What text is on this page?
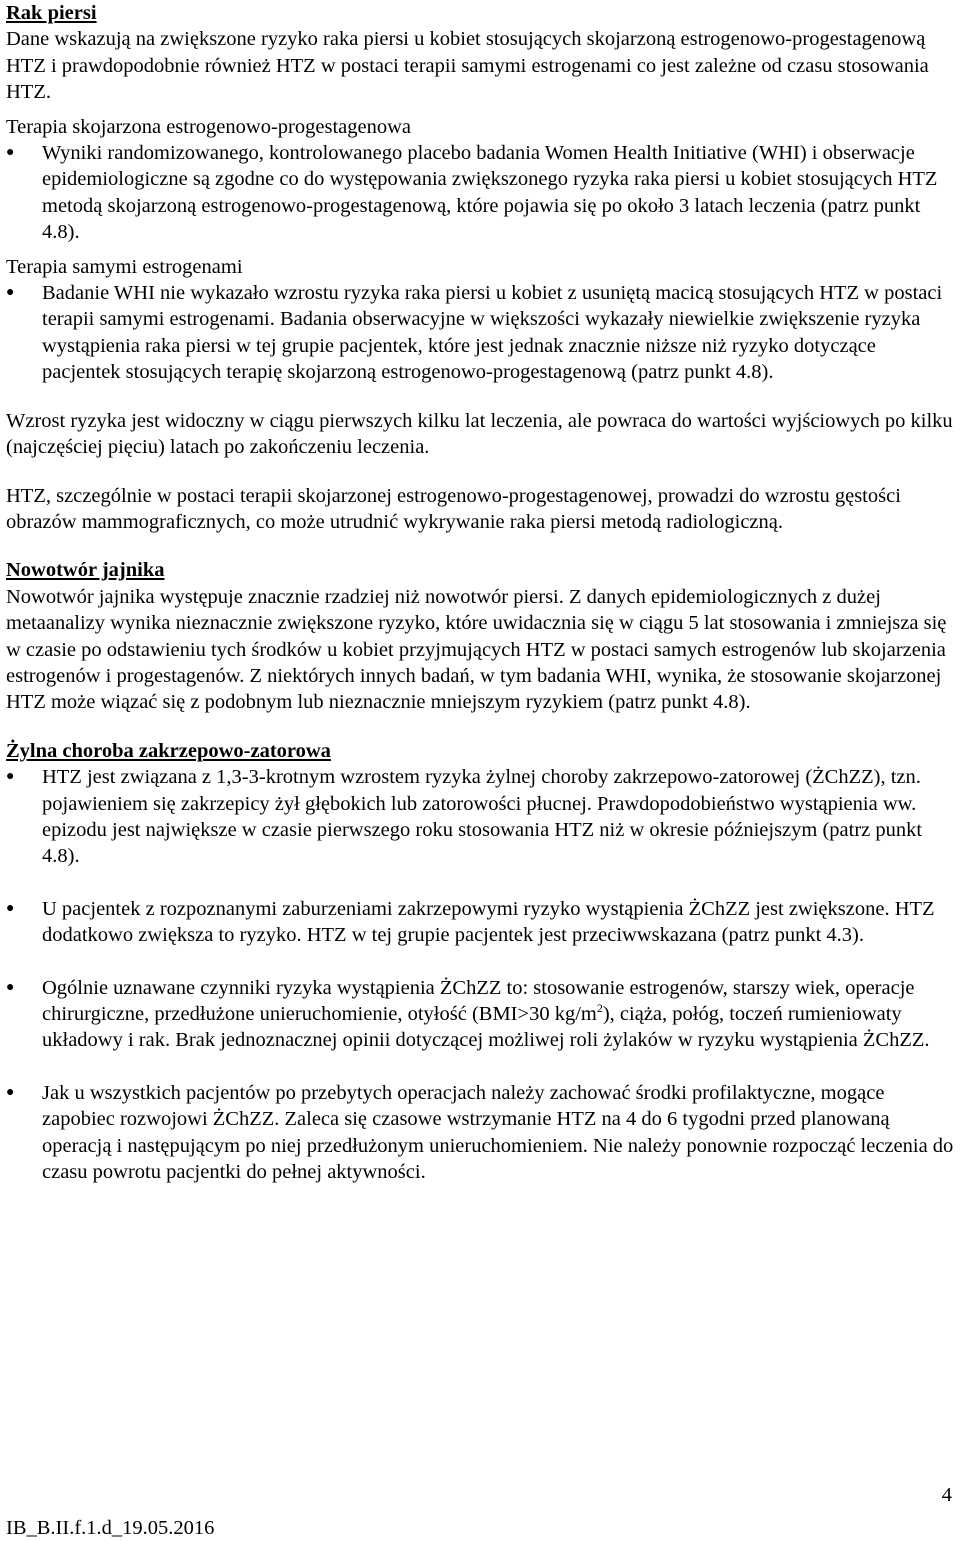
Rak piersi

Dane wskazują na zwiększone ryzyko raka piersi u kobiet stosujących skojarzoną estrogenowo-progestagenową HTZ i prawdopodobnie również HTZ w postaci terapii samymi estrogenami co jest zależne od czasu stosowania HTZ.

Terapia skojarzona estrogenowo-progestagenowa

●	Wyniki randomizowanego, kontrolowanego placebo badania Women Health Initiative (WHI) i obserwacje epidemiologiczne są zgodne co do występowania zwiększonego ryzyka raka piersi u kobiet stosujących HTZ metodą skojarzoną estrogenowo-progestagenową, które pojawia się po około 3 latach leczenia (patrz punkt 4.8).

Terapia samymi estrogenami

●	Badanie WHI nie wykazało wzrostu ryzyka raka piersi u kobiet z usuniętą macicą stosujących HTZ w postaci terapii samymi estrogenami. Badania obserwacyjne w większości wykazały niewielkie zwiększenie ryzyka wystąpienia raka piersi w tej grupie pacjentek, które jest jednak znacznie niższe niż ryzyko dotyczące pacjentek stosujących terapię skojarzoną estrogenowo-progestagenową (patrz punkt 4.8).

Wzrost ryzyka jest widoczny w ciągu pierwszych kilku lat leczenia, ale powraca do wartości wyjściowych po kilku (najczęściej pięciu) latach po zakończeniu leczenia.

HTZ, szczególnie w postaci terapii skojarzonej estrogenowo-progestagenowej, prowadzi do wzrostu gęstości obrazów mammograficznych, co może utrudnić wykrywanie raka piersi metodą radiologiczną.

Nowotwór jajnika

Nowotwór jajnika występuje znacznie rzadziej niż nowotwór piersi. Z danych epidemiologicznych z dużej metaanalizy wynika nieznacznie zwiększone ryzyko, które uwidacznia się w ciągu 5 lat stosowania i zmniejsza się w czasie po odstawieniu tych środków u kobiet przyjmujących HTZ w postaci samych estrogenów lub skojarzenia estrogenów i progestagenów. Z niektórych innych badań, w tym badania WHI, wynika, że stosowanie skojarzonej HTZ może wiązać się z podobnym lub nieznacznie mniejszym ryzykiem (patrz punkt 4.8).

Żylna choroba zakrzepowo-zatorowa
●	HTZ jest związana z 1,3-3-krotnym wzrostem ryzyka żylnej choroby zakrzepowo-zatorowej (ŻChZZ), tzn. pojawieniem się zakrzepicy żył głębokich lub zatorowości płucnej. Prawdopodobieństwo wystąpienia ww. epizodu jest największe w czasie pierwszego roku stosowania HTZ niż w okresie późniejszym (patrz punkt 4.8).
●	U pacjentek z rozpoznanymi zaburzeniami zakrzepowymi ryzyko wystąpienia ŻChZZ jest zwiększone. HTZ dodatkowo zwiększa to ryzyko. HTZ w tej grupie pacjentek jest przeciwwskazana (patrz punkt 4.3).
●	Ogólnie uznawane czynniki ryzyka wystąpienia ŻChZZ to: stosowanie estrogenów, starszy wiek, operacje chirurgiczne, przedłużone unieruchomienie, otyłość (BMI>30 $kg/m^2$), ciąża, połóg, toczeń rumieniowaty układowy i rak. Brak jednoznacznej opinii dotyczącej możliwej roli żylaków w ryzyku wystąpienia ŻChZZ.
●	Jak u wszystkich pacjentów po przebytych operacjach należy zachować środki profilaktyczne, mogące zapobiec rozwojowi ŻChZZ. Zaleca się czasowe wstrzymanie HTZ na 4 do 6 tygodni przed planowaną operacją i następującym po niej przedłużonym unieruchomieniem. Nie należy ponownie rozpocząć leczenia do czasu powrotu pacjentki do pełnej aktywności.
4
IB_B.II.f.1.d_19.05.2016
